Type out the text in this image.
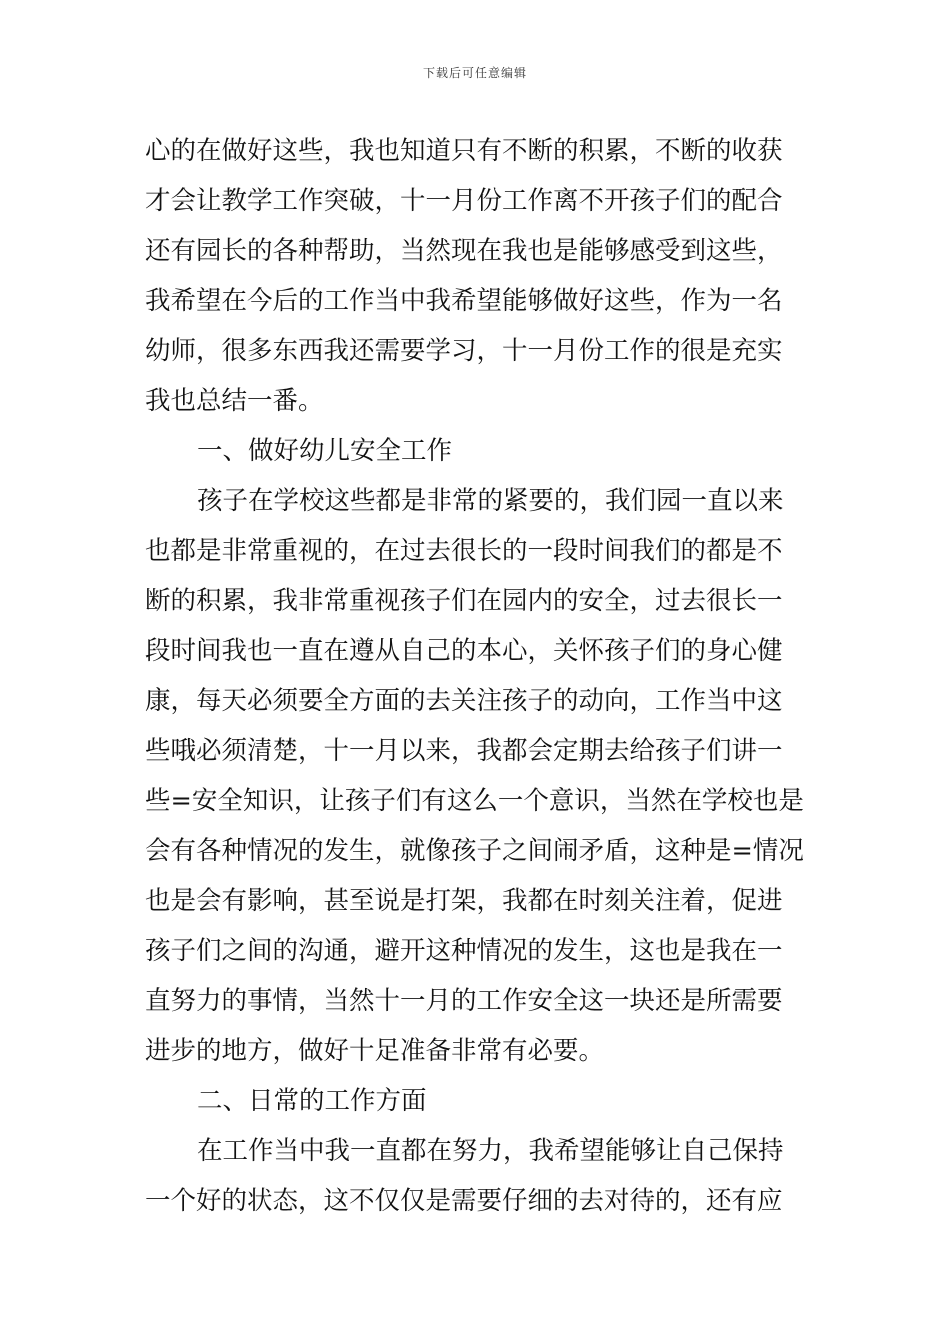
下载后可任意编辑
心的在做好这些，我也知道只有不断的积累，不断的收获
才会让教学工作突破，十一月份工作离不开孩子们的配合
还有园长的各种帮助，当然现在我也是能够感受到这些，
我希望在今后的工作当中我希望能够做好这些，作为一名
幼师，很多东西我还需要学习，十一月份工作的很是充实
我也总结一番。
一、做好幼儿安全工作
孩子在学校这些都是非常的紧要的，我们园一直以来
也都是非常重视的，在过去很长的一段时间我们的都是不
断的积累，我非常重视孩子们在园内的安全，过去很长一
段时间我也一直在遵从自己的本心，关怀孩子们的身心健
康，每天必须要全方面的去关注孩子的动向，工作当中这
些哦必须清楚，十一月以来，我都会定期去给孩子们讲一
些=安全知识，让孩子们有这么一个意识，当然在学校也是
会有各种情况的发生，就像孩子之间闹矛盾，这种是=情况
也是会有影响，甚至说是打架，我都在时刻关注着，促进
孩子们之间的沟通，避开这种情况的发生，这也是我在一
直努力的事情，当然十一月的工作安全这一块还是所需要
进步的地方，做好十足准备非常有必要。
二、日常的工作方面
在工作当中我一直都在努力，我希望能够让自己保持
一个好的状态，这不仅仅是需要仔细的去对待的，还有应
